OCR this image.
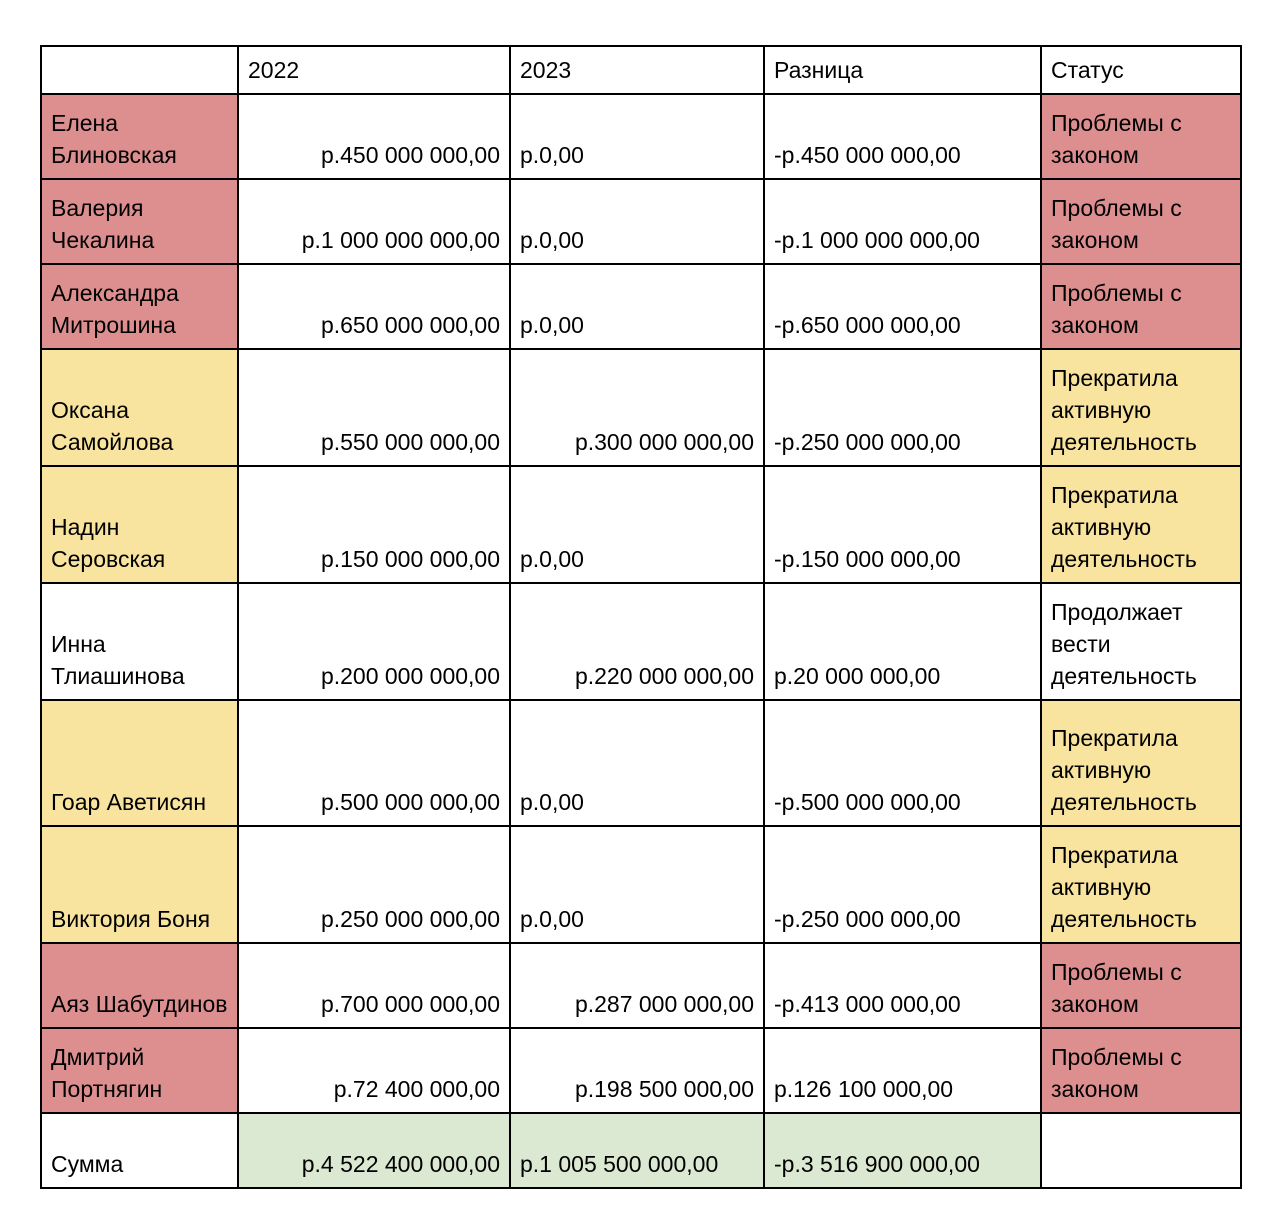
	2022	2023	Разница	Статус
Елена Блиновская	р.450 000 000,00	р.0,00	-р.450 000 000,00	Проблемы с законом
Валерия Чекалина	р.1 000 000 000,00	р.0,00	-р.1 000 000 000,00	Проблемы с законом
Александра Митрошина	р.650 000 000,00	р.0,00	-р.650 000 000,00	Проблемы с законом
Оксана Самойлова	р.550 000 000,00	р.300 000 000,00	-р.250 000 000,00	Прекратила активную деятельность
Надин Серовская	р.150 000 000,00	р.0,00	-р.150 000 000,00	Прекратила активную деятельность
Инна Тлиашинова	р.200 000 000,00	р.220 000 000,00	р.20 000 000,00	Продолжает вести деятельность
Гоар Аветисян	р.500 000 000,00	р.0,00	-р.500 000 000,00	Прекратила активную деятельность
Виктория Боня	р.250 000 000,00	р.0,00	-р.250 000 000,00	Прекратила активную деятельность
Аяз Шабутдинов	р.700 000 000,00	р.287 000 000,00	-р.413 000 000,00	Проблемы с законом
Дмитрий Портнягин	р.72 400 000,00	р.198 500 000,00	р.126 100 000,00	Проблемы с законом
Сумма	р.4 522 400 000,00	р.1 005 500 000,00	-р.3 516 900 000,00	
